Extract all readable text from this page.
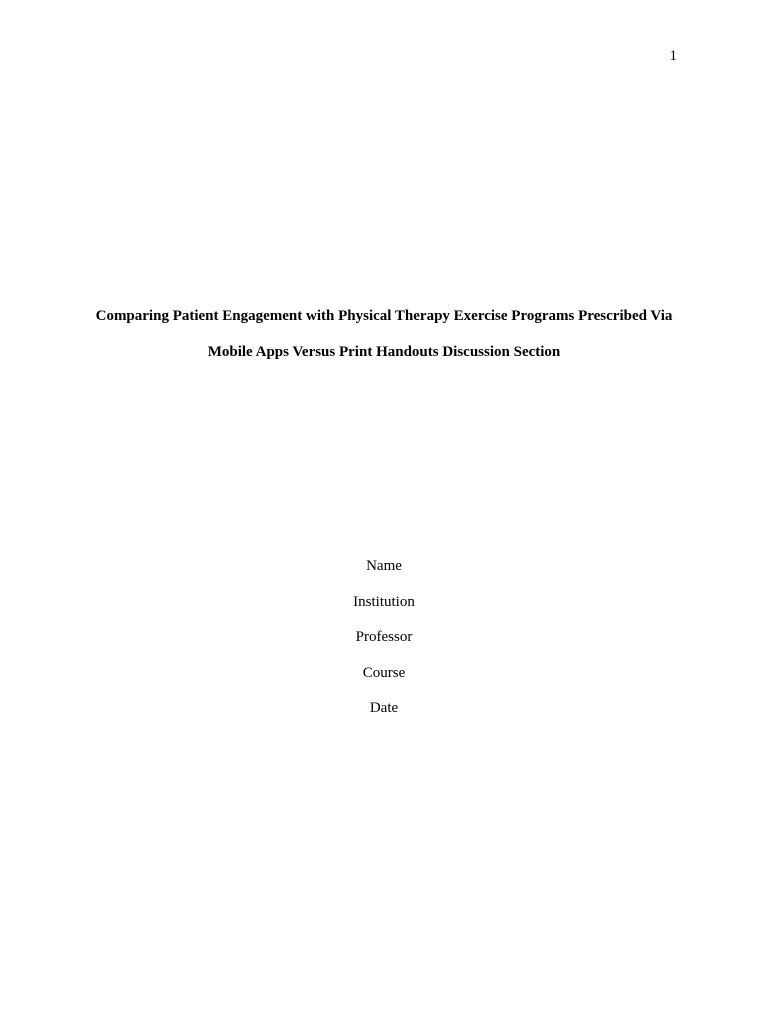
1
Comparing Patient Engagement with Physical Therapy Exercise Programs Prescribed Via
Mobile Apps Versus Print Handouts Discussion Section
Name
Institution
Professor
Course
Date
